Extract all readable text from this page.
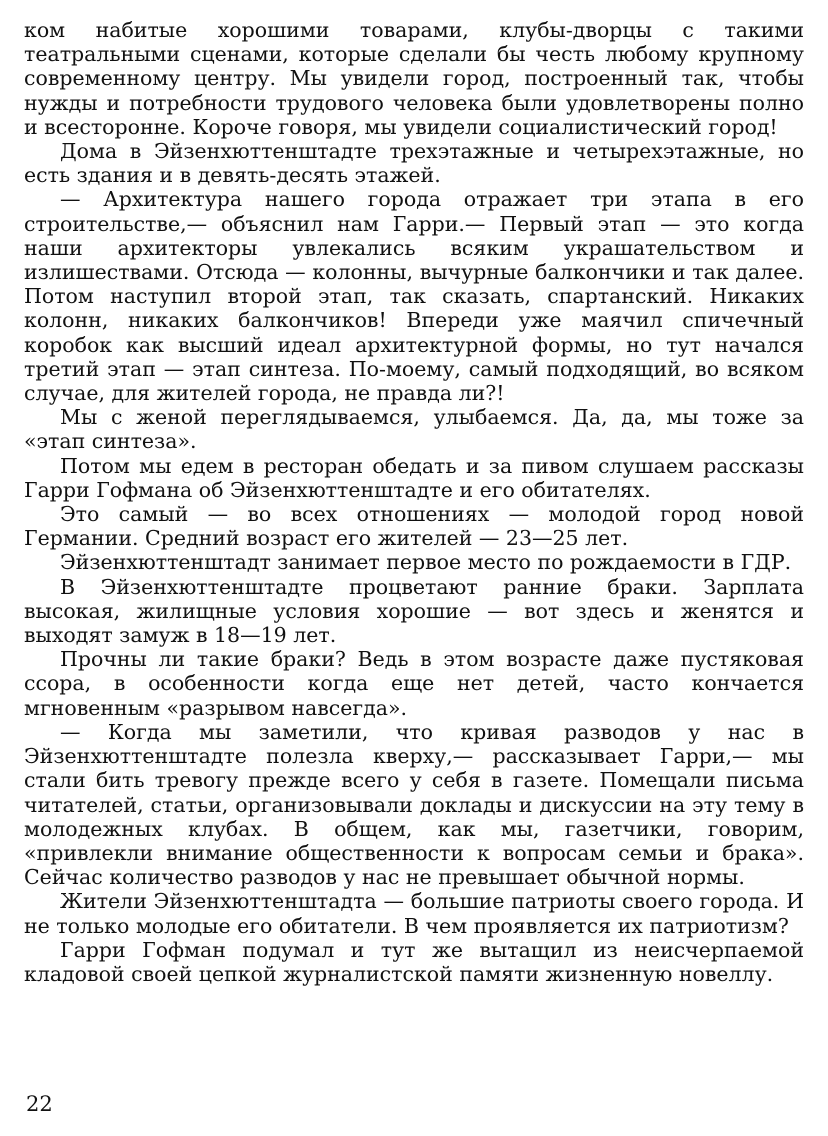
ком набитые хорошими товарами, клубы-дворцы с такими театральными сценами, которые сделали бы честь любому крупному современному центру. Мы увидели город, построенный так, чтобы нужды и потребности трудового человека были удовлетворены полно и всесторонне. Короче говоря, мы увидели социалистический город!

Дома в Эйзенхюттенштадте трехэтажные и четырехэтажные, но есть здания и в девять-десять этажей.

— Архитектура нашего города отражает три этапа в его строительстве,— объяснил нам Гарри.— Первый этап — это когда наши архитекторы увлекались всяким украшательством и излишествами. Отсюда — колонны, вычурные балкончики и так далее. Потом наступил второй этап, так сказать, спартанский. Никаких колонн, никаких балкончиков! Впереди уже маячил спичечный коробок как высший идеал архитектурной формы, но тут начался третий этап — этап синтеза. По-моему, самый подходящий, во всяком случае, для жителей города, не правда ли?!

Мы с женой переглядываемся, улыбаемся. Да, да, мы тоже за «этап синтеза».

Потом мы едем в ресторан обедать и за пивом слушаем рассказы Гарри Гофмана об Эйзенхюттенштадте и его обитателях.

Это самый — во всех отношениях — молодой город новой Германии. Средний возраст его жителей — 23—25 лет.

Эйзенхюттенштадт занимает первое место по рождаемости в ГДР.

В Эйзенхюттенштадте процветают ранние браки. Зарплата высокая, жилищные условия хорошие — вот здесь и женятся и выходят замуж в 18—19 лет.

Прочны ли такие браки? Ведь в этом возрасте даже пустяковая ссора, в особенности когда еще нет детей, часто кончается мгновенным «разрывом навсегда».

— Когда мы заметили, что кривая разводов у нас в Эйзенхюттенштадте полезла кверху,— рассказывает Гарри,— мы стали бить тревогу прежде всего у себя в газете. Помещали письма читателей, статьи, организовывали доклады и дискуссии на эту тему в молодежных клубах. В общем, как мы, газетчики, говорим, «привлекли внимание общественности к вопросам семьи и брака». Сейчас количество разводов у нас не превышает обычной нормы.

Жители Эйзенхюттенштадта — большие патриоты своего города. И не только молодые его обитатели. В чем проявляется их патриотизм?

Гарри Гофман подумал и тут же вытащил из неисчерпаемой кладовой своей цепкой журналистской памяти жизненную новеллу.

22
